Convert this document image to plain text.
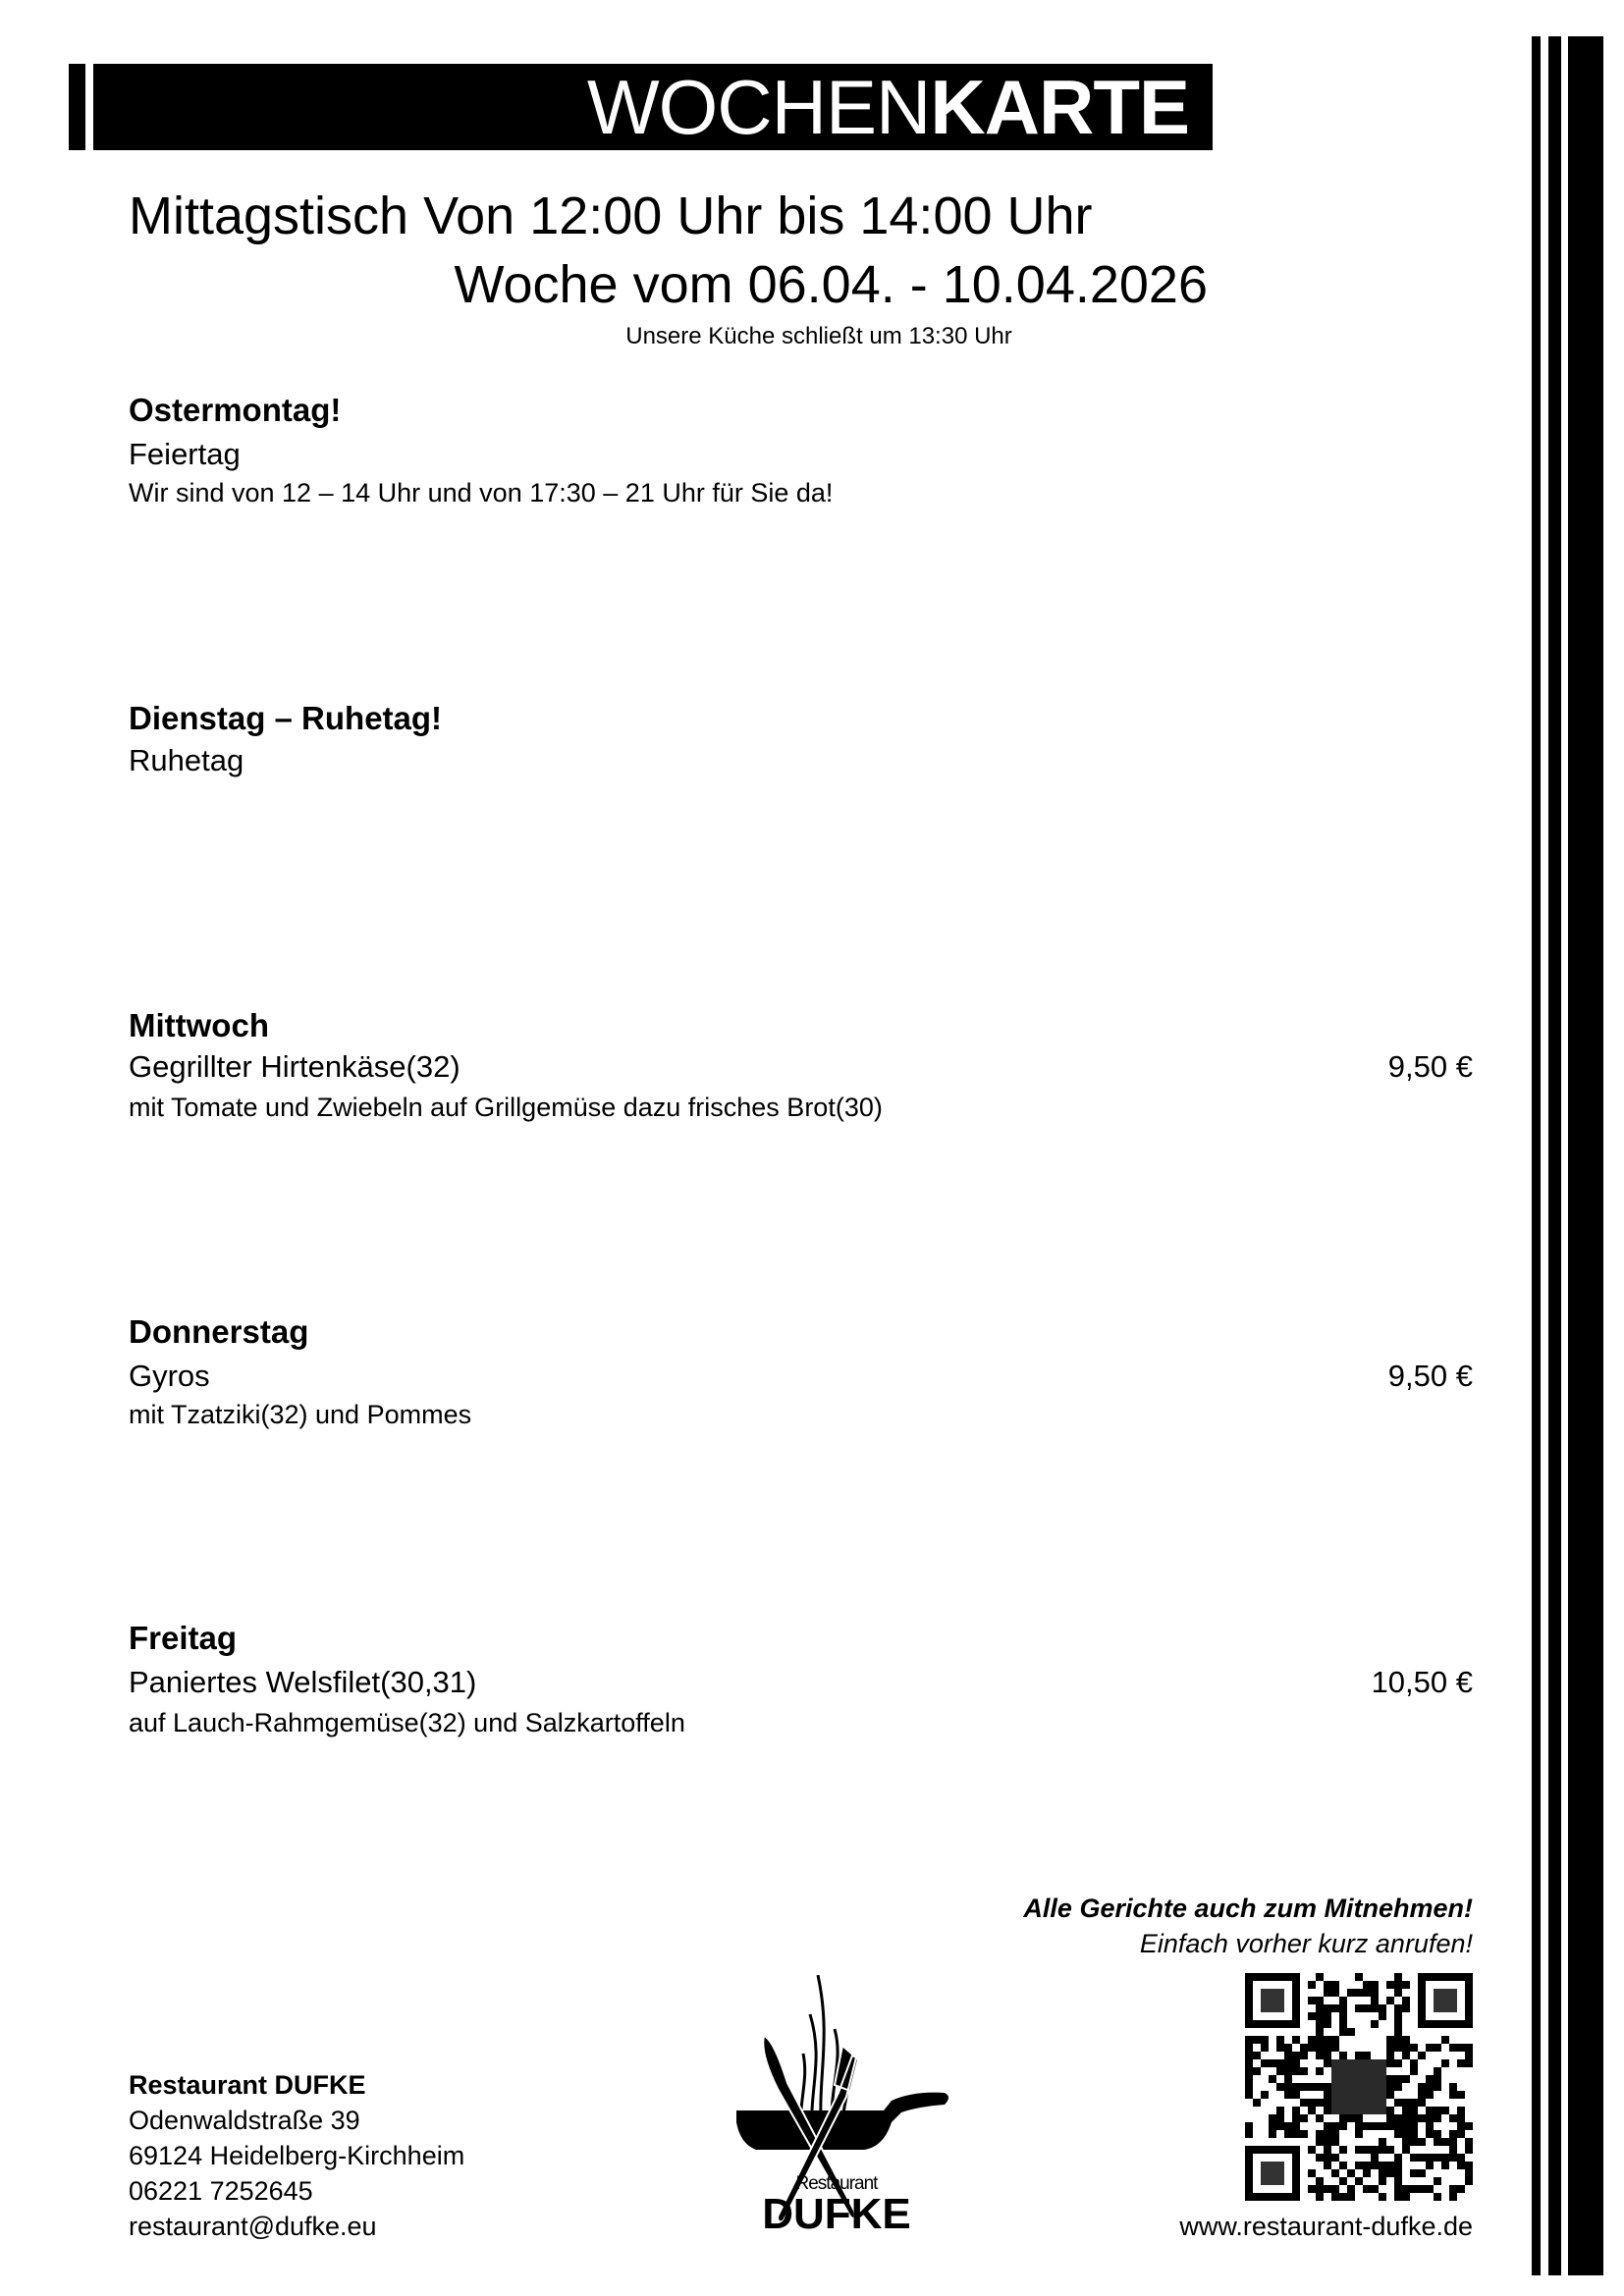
WOCHENKARTE
Mittagstisch Von 12:00 Uhr bis 14:00 Uhr
Woche vom 06.04. - 10.04.2026
Unsere Küche schließt um 13:30 Uhr
Ostermontag!
Feiertag
Wir sind von 12 – 14 Uhr und von 17:30 – 21 Uhr für Sie da!
Dienstag – Ruhetag!
Ruhetag
Mittwoch
Gegrillter Hirtenkäse(32)	9,50 €
mit Tomate und Zwiebeln auf Grillgemüse dazu frisches Brot(30)
Donnerstag
Gyros	9,50 €
mit Tzatziki(32) und Pommes
Freitag
Paniertes Welsfilet(30,31)	10,50 €
auf Lauch-Rahmgemüse(32) und Salzkartoffeln
Alle Gerichte auch zum Mitnehmen!
Einfach vorher kurz anrufen!
Restaurant DUFKE
Odenwaldstraße 39
69124 Heidelberg-Kirchheim
06221 7252645
restaurant@dufke.eu	www.restaurant-dufke.de
Restaurant
DUFKE
